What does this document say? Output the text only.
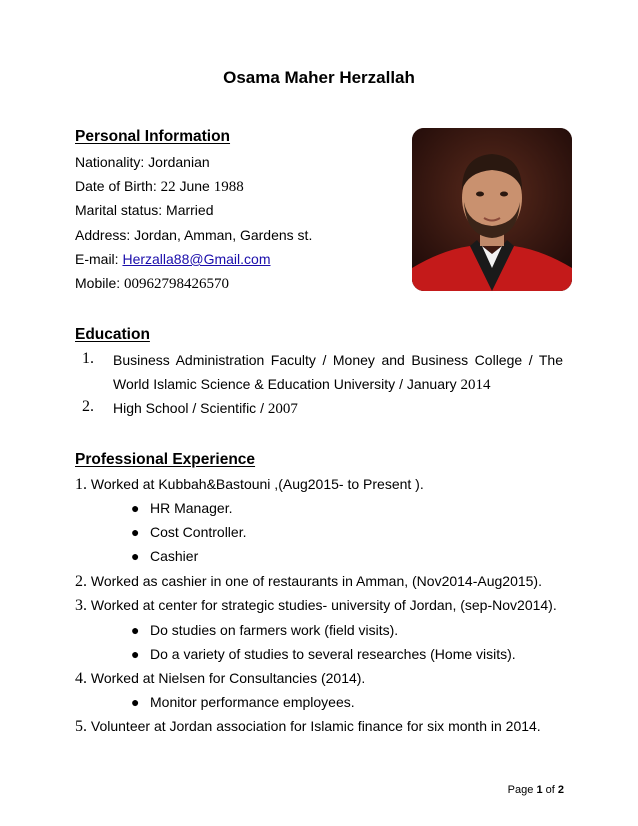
Osama Maher Herzallah
Personal Information
Nationality: Jordanian
Date of Birth: 22 June 1988
Marital status: Married
Address: Jordan, Amman, Gardens st.
E-mail: Herzalla88@Gmail.com
Mobile: 00962798426570
Education
1. Business Administration Faculty / Money and Business College / The
World Islamic Science & Education University / January 2014
2. High School / Scientific / 2007
Professional Experience
1. Worked at Kubbah&Bastouni ,(Aug2015- to Present ).
● HR Manager.
● Cost Controller.
● Cashier
2. Worked as cashier in one of restaurants in Amman, (Nov2014-Aug2015).
3. Worked at center for strategic studies- university of Jordan, (sep-Nov2014).
● Do studies on farmers work (field visits).
● Do a variety of studies to several researches (Home visits).
4. Worked at Nielsen for Consultancies (2014).
● Monitor performance employees.
5. Volunteer at Jordan association for Islamic finance for six month in 2014.
Page 1 of 2
